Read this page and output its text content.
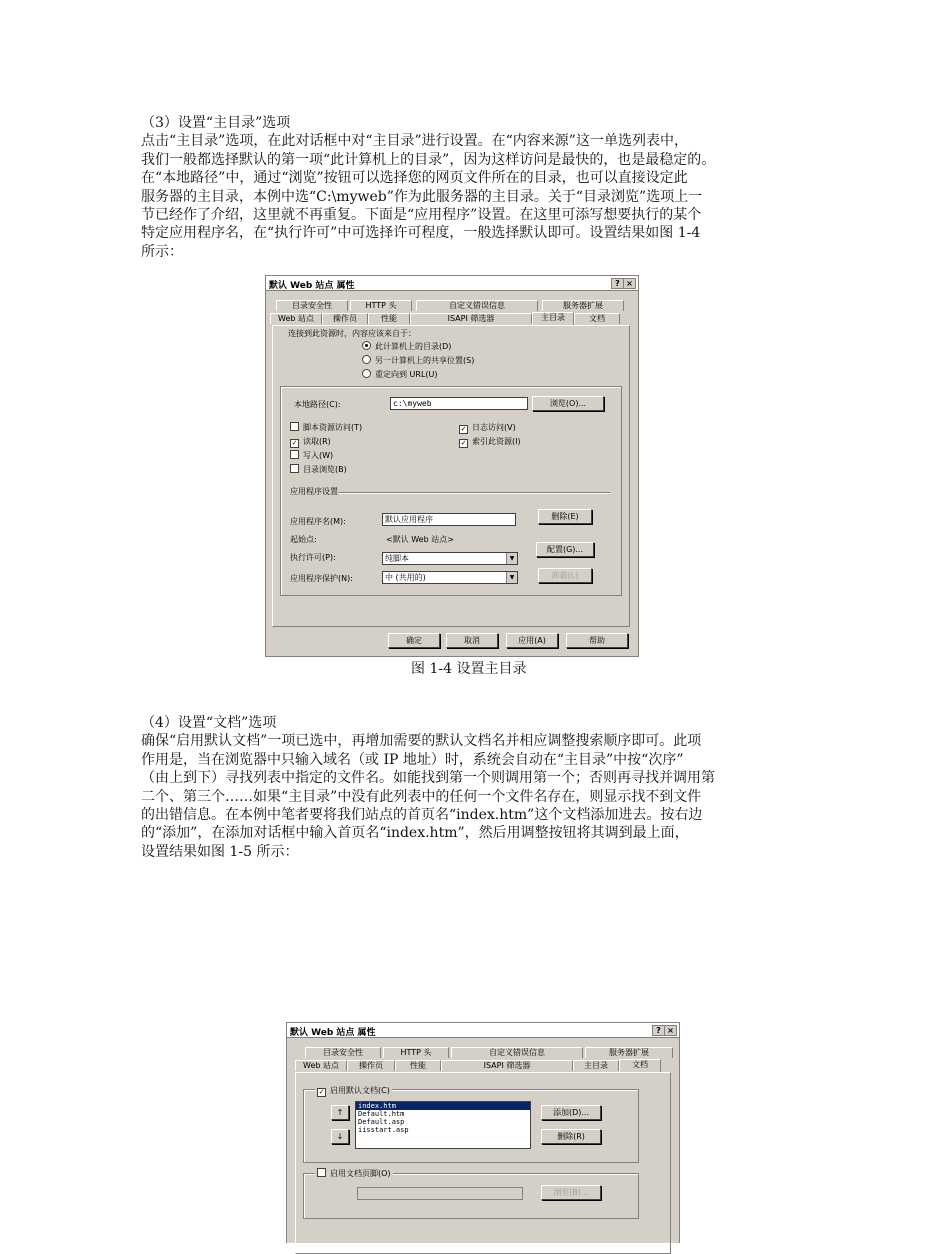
（3）设置“主目录”选项
点击“主目录”选项，在此对话框中对“主目录”进行设置。在“内容来源”这一单选列表中，
我们一般都选择默认的第一项“此计算机上的目录”，因为这样访问是最快的，也是最稳定的。
在“本地路径”中，通过“浏览”按钮可以选择您的网页文件所在的目录，也可以直接设定此
服务器的主目录，本例中选“C:\myweb”作为此服务器的主目录。关于“目录浏览”选项上一
节已经作了介绍，这里就不再重复。下面是“应用程序”设置。在这里可添写想要执行的某个
特定应用程序名，在“执行许可”中可选择许可程度，一般选择默认即可。设置结果如图 1-4
所示：
默认 Web 站点 属性	? ×
目录安全性	HTTP 头	自定义错误信息	服务器扩展
Web 站点	操作员	性能	ISAPI 筛选器	主目录	文档
连接到此资源时，内容应该来自于：
此计算机上的目录(D)
另一计算机上的共享位置(S)
重定向到 URL(U)
本地路径(C):	c:\myweb	浏览(O)...
脚本资源访问(T)
✓ 读取(R)
写入(W)
目录浏览(B)
✓ 日志访问(V)
✓ 索引此资源(I)
应用程序设置
应用程序名(M):	默认应用程序	删除(E)
起始点:	<默认 Web 站点>
配置(G)...
执行许可(P):	纯脚本	▼
应用程序保护(N):	中 (共用的)	▼	卸载(L)
确定	取消	应用(A)	帮助
图 1-4 设置主目录
（4）设置“文档”选项
确保“启用默认文档”一项已选中，再增加需要的默认文档名并相应调整搜索顺序即可。此项
作用是，当在浏览器中只输入域名（或 IP 地址）时，系统会自动在“主目录”中按“次序”
（由上到下）寻找列表中指定的文件名。如能找到第一个则调用第一个；否则再寻找并调用第
二个、第三个……如果“主目录”中没有此列表中的任何一个文件名存在，则显示找不到文件
的出错信息。在本例中笔者要将我们站点的首页名“index.htm”这个文档添加进去。按右边
的“添加”，在添加对话框中输入首页名“index.htm”，然后用调整按钮将其调到最上面，
设置结果如图 1-5 所示：
默认 Web 站点 属性	? ×
目录安全性	HTTP 头	自定义错误信息	服务器扩展
Web 站点	操作员	性能	ISAPI 筛选器	主目录	文档
✓ 启用默认文档(C)
↑
↓
index.htm
Default.htm
Default.asp
iisstart.asp
添加(D)...
删除(R)
启用文档页脚(O)
浏览(B)...
